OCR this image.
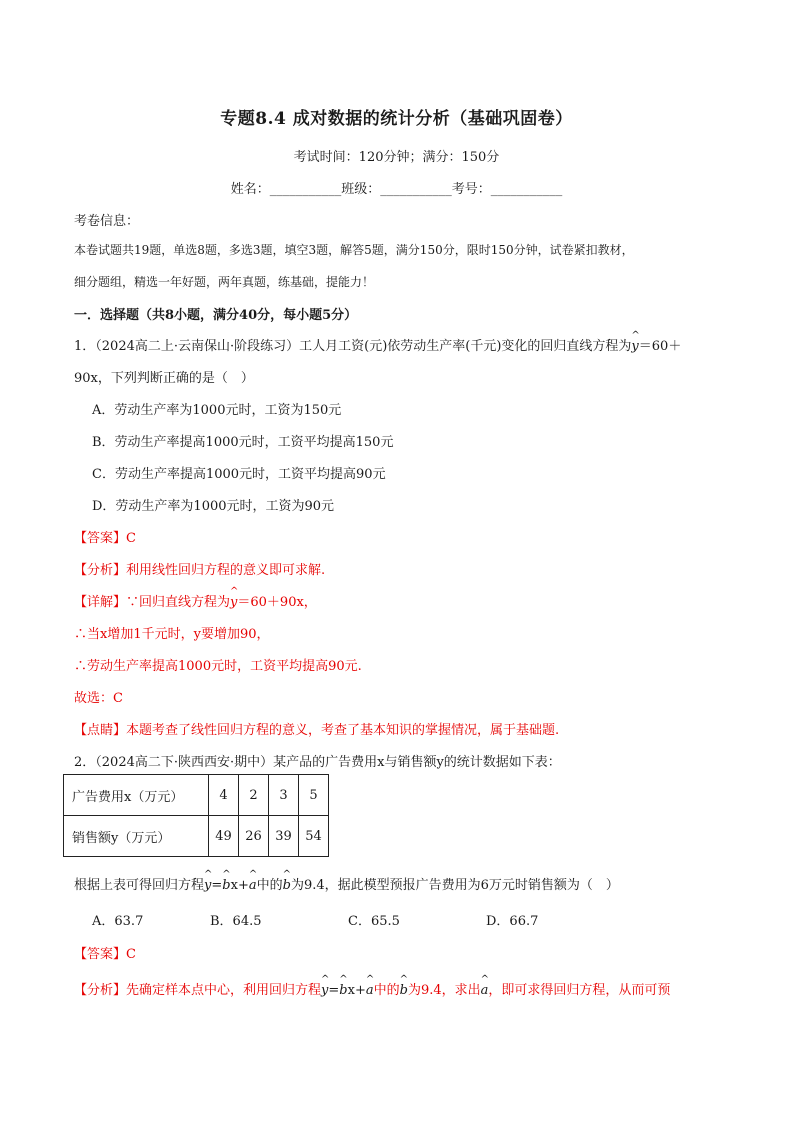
专题8.4 成对数据的统计分析（基础巩固卷）
考试时间：120分钟；满分：150分
姓名：___________班级：___________考号：___________
考卷信息：
本卷试题共19题，单选8题，多选3题，填空3题，解答5题，满分150分，限时150分钟，试卷紧扣教材，
细分题组，精选一年好题，两年真题，练基础，提能力！
一．选择题（共8小题，满分40分，每小题5分）
1．（2024高二上·云南保山·阶段练习）工人月工资(元)依劳动生产率(千元)变化的回归直线方程为^ y＝60＋
90x，下列判断正确的是（　）
A．劳动生产率为1000元时，工资为150元
B．劳动生产率提高1000元时，工资平均提高150元
C．劳动生产率提高1000元时，工资平均提高90元
D．劳动生产率为1000元时，工资为90元
【答案】C
【分析】利用线性回归方程的意义即可求解.
【详解】∵回归直线方程为^ y＝60＋90x，
∴当x增加1千元时，y要增加90，
∴劳动生产率提高1000元时，工资平均提高90元.
故选：C
【点睛】本题考查了线性回归方程的意义，考查了基本知识的掌握情况，属于基础题.
2．（2024高二下·陕西西安·期中）某产品的广告费用x与销售额y的统计数据如下表：
广告费用x（万元）	4	2	3	5
销售额y（万元）	49	26	39	54
根据上表可得回归方程^ y=^ bx+^ a中的^ b为9.4，据此模型预报广告费用为6万元时销售额为（　）
A．63.7	B．64.5	C．65.5	D．66.7
【答案】C
【分析】先确定样本点中心，利用回归方程^ y=^ bx+^ a中的^ b为9.4，求出^ a，即可求得回归方程，从而可预
